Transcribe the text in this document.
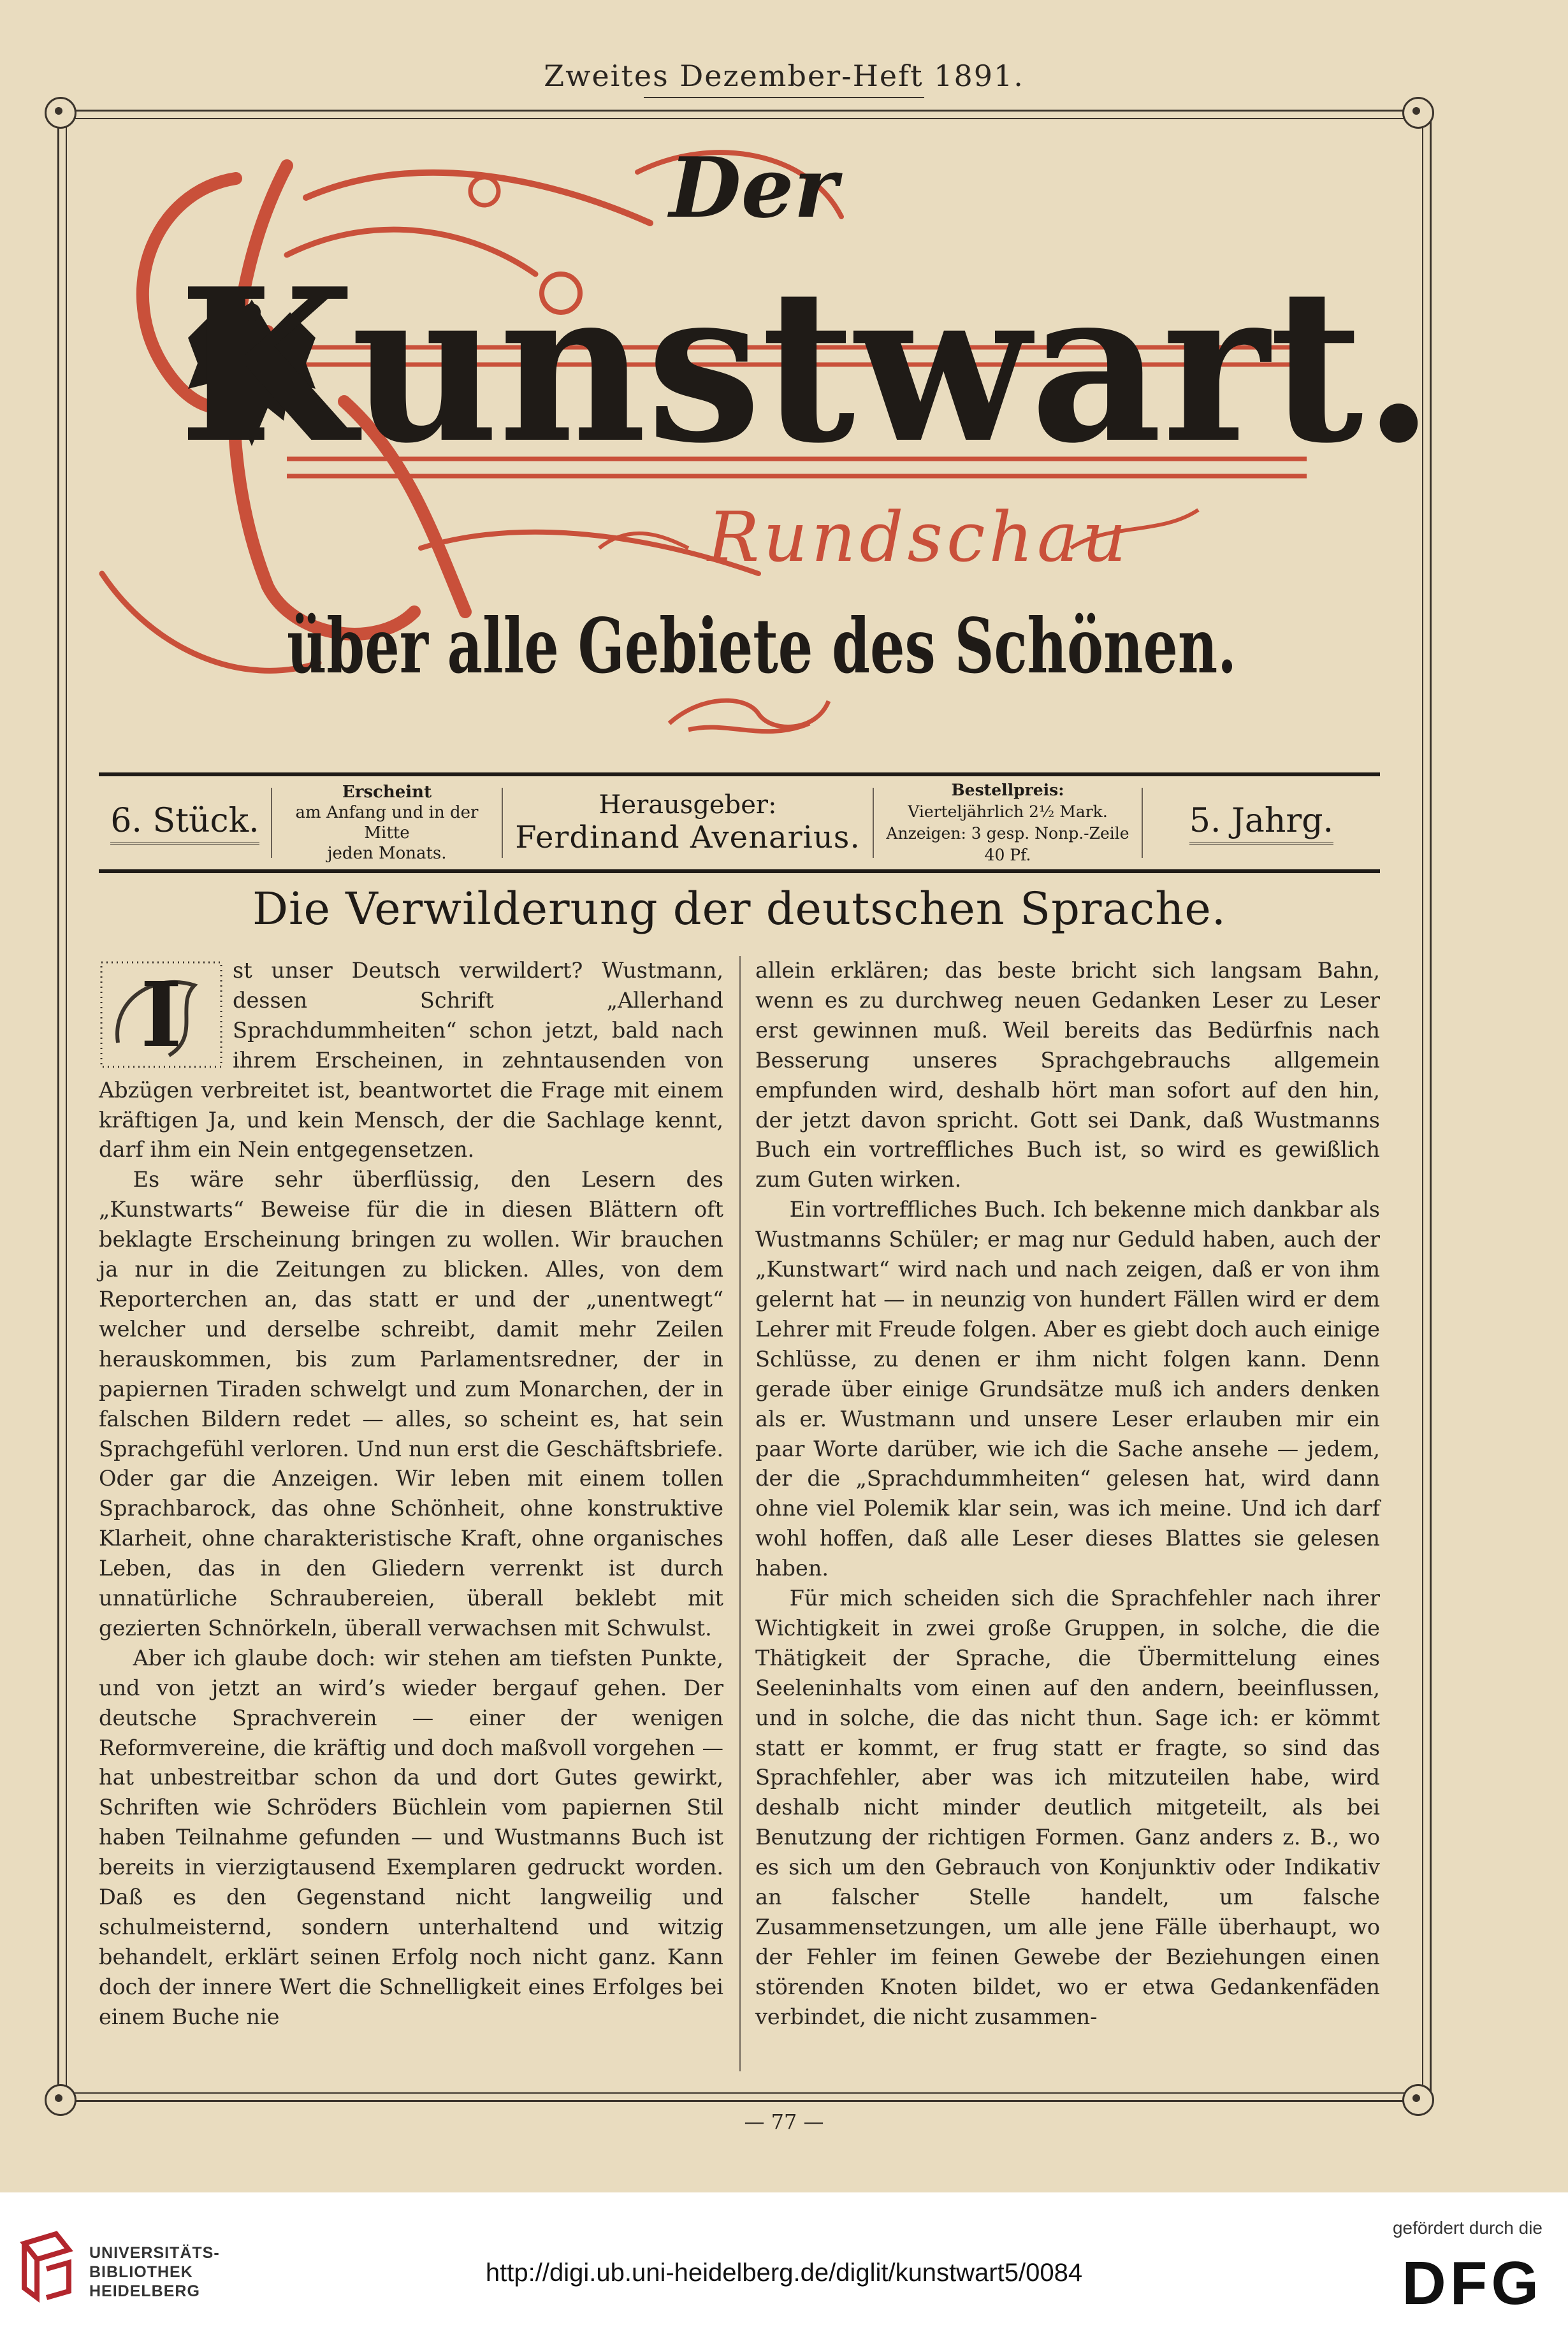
Zweites Dezember-Heft 1891.
Der
Kunstwart.
Rundschau
über alle Gebiete des Schönen.
6. Stück.
Erscheint
am Anfang und in der Mitte
jeden Monats.
Herausgeber:
Ferdinand Avenarius.
Bestellpreis:
Vierteljährlich 2½ Mark.
Anzeigen: 3 gesp. Nonp.-Zeile 40 Pf.
5. Jahrg.
Die Verwilderung der deutschen Sprache.

I st unser Deutsch verwildert? Wustmann, dessen Schrift „Allerhand Sprachdummheiten“ schon jetzt, bald nach ihrem Erscheinen, in zehntausenden von Abzügen verbreitet ist, beantwortet die Frage mit einem kräftigen Ja, und kein Mensch, der die Sachlage kennt, darf ihm ein Nein entgegensetzen.

Es wäre sehr überflüssig, den Lesern des „Kunstwarts“ Beweise für die in diesen Blättern oft beklagte Erscheinung bringen zu wollen. Wir brauchen ja nur in die Zeitungen zu blicken. Alles, von dem Reporterchen an, das statt er und der „unentwegt“ welcher und derselbe schreibt, damit mehr Zeilen herauskommen, bis zum Parlamentsredner, der in papiernen Tiraden schwelgt und zum Monarchen, der in falschen Bildern redet — alles, so scheint es, hat sein Sprachgefühl verloren. Und nun erst die Geschäftsbriefe. Oder gar die Anzeigen. Wir leben mit einem tollen Sprachbarock, das ohne Schönheit, ohne konstruktive Klarheit, ohne charakteristische Kraft, ohne organisches Leben, das in den Gliedern verrenkt ist durch unnatürliche Schraubereien, überall beklebt mit gezierten Schnörkeln, überall verwachsen mit Schwulst.

Aber ich glaube doch: wir stehen am tiefsten Punkte, und von jetzt an wird’s wieder bergauf gehen. Der deutsche Sprachverein — einer der wenigen Reformvereine, die kräftig und doch maßvoll vorgehen — hat unbestreitbar schon da und dort Gutes gewirkt, Schriften wie Schröders Büchlein vom papiernen Stil haben Teilnahme gefunden — und Wustmanns Buch ist bereits in vierzigtausend Exemplaren gedruckt worden. Daß es den Gegenstand nicht langweilig und schulmeisternd, sondern unterhaltend und witzig behandelt, erklärt seinen Erfolg noch nicht ganz. Kann doch der innere Wert die Schnelligkeit eines Erfolges bei einem Buche nie

allein erklären; das beste bricht sich langsam Bahn, wenn es zu durchweg neuen Gedanken Leser zu Leser erst gewinnen muß. Weil bereits das Bedürfnis nach Besserung unseres Sprachgebrauchs allgemein empfunden wird, deshalb hört man sofort auf den hin, der jetzt davon spricht. Gott sei Dank, daß Wustmanns Buch ein vortreffliches Buch ist, so wird es gewißlich zum Guten wirken.

Ein vortreffliches Buch. Ich bekenne mich dankbar als Wustmanns Schüler; er mag nur Geduld haben, auch der „Kunstwart“ wird nach und nach zeigen, daß er von ihm gelernt hat — in neunzig von hundert Fällen wird er dem Lehrer mit Freude folgen. Aber es giebt doch auch einige Schlüsse, zu denen er ihm nicht folgen kann. Denn gerade über einige Grundsätze muß ich anders denken als er. Wustmann und unsere Leser erlauben mir ein paar Worte darüber, wie ich die Sache ansehe — jedem, der die „Sprachdummheiten“ gelesen hat, wird dann ohne viel Polemik klar sein, was ich meine. Und ich darf wohl hoffen, daß alle Leser dieses Blattes sie gelesen haben.

Für mich scheiden sich die Sprachfehler nach ihrer Wichtigkeit in zwei große Gruppen, in solche, die die Thätigkeit der Sprache, die Übermittelung eines Seeleninhalts vom einen auf den andern, beeinflussen, und in solche, die das nicht thun. Sage ich: er kömmt statt er kommt, er frug statt er fragte, so sind das Sprachfehler, aber was ich mitzuteilen habe, wird deshalb nicht minder deutlich mitgeteilt, als bei Benutzung der richtigen Formen. Ganz anders z. B., wo es sich um den Gebrauch von Konjunktiv oder Indikativ an falscher Stelle handelt, um falsche Zusammensetzungen, um alle jene Fälle überhaupt, wo der Fehler im feinen Gewebe der Beziehungen einen störenden Knoten bildet, wo er etwa Gedankenfäden verbindet, die nicht zusammen-

— 77 —
UNIVERSITÄTS-
BIBLIOTHEK
HEIDELBERG
http://digi.ub.uni-heidelberg.de/diglit/kunstwart5/0084
gefördert durch die
DFG
